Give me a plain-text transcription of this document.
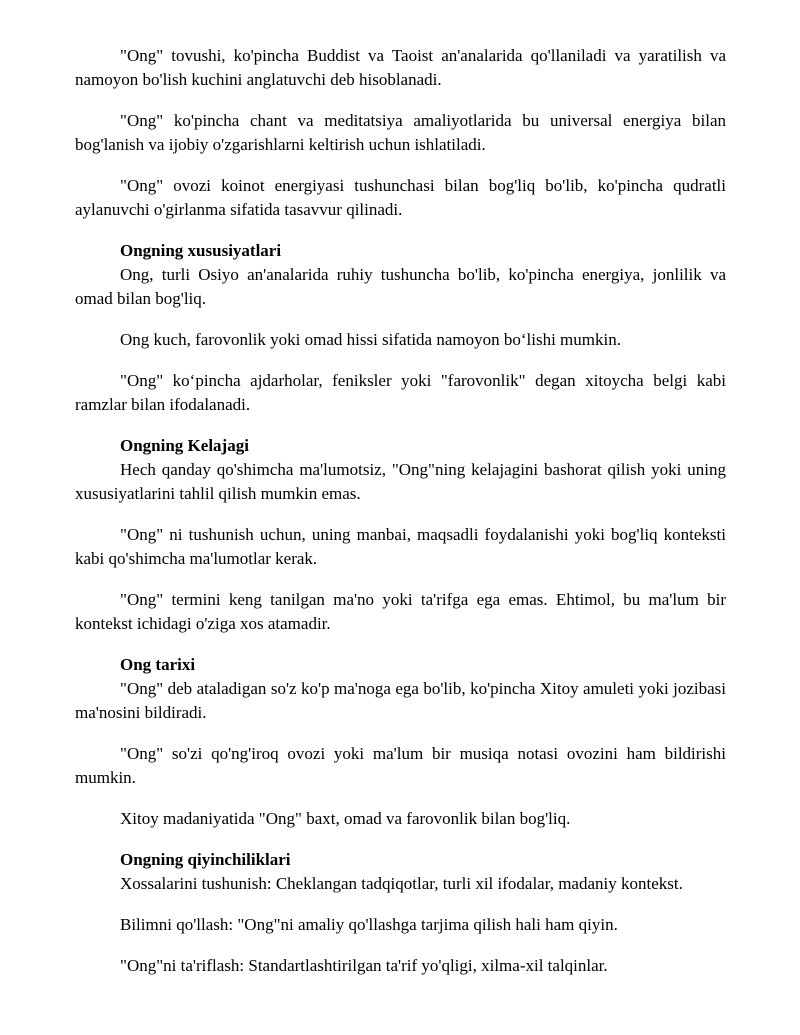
"Ong" tovushi, ko'pincha Buddist va Taoist an'analarida qo'llaniladi va yaratilish va namoyon bo'lish kuchini anglatuvchi deb hisoblanadi.

"Ong" ko'pincha chant va meditatsiya amaliyotlarida bu universal energiya bilan bog'lanish va ijobiy o'zgarishlarni keltirish uchun ishlatiladi.

"Ong" ovozi koinot energiyasi tushunchasi bilan bog'liq bo'lib, ko'pincha qudratli aylanuvchi o'girlanma sifatida tasavvur qilinadi.

Ongning xususiyatlari

Ong, turli Osiyo an'analarida ruhiy tushuncha bo'lib, ko'pincha energiya, jonlilik va omad bilan bog'liq.

Ong kuch, farovonlik yoki omad hissi sifatida namoyon bo‘lishi mumkin.

"Ong" ko‘pincha ajdarholar, feniksler yoki "farovonlik" degan xitoycha belgi kabi ramzlar bilan ifodalanadi.

Ongning Kelajagi

Hech qanday qo'shimcha ma'lumotsiz, "Ong"ning kelajagini bashorat qilish yoki uning xususiyatlarini tahlil qilish mumkin emas.

"Ong" ni tushunish uchun, uning manbai, maqsadli foydalanishi yoki bog'liq konteksti kabi qo'shimcha ma'lumotlar kerak.

"Ong" termini keng tanilgan ma'no yoki ta'rifga ega emas. Ehtimol, bu ma'lum bir kontekst ichidagi o'ziga xos atamadir.

Ong tarixi

"Ong" deb ataladigan so'z ko'p ma'noga ega bo'lib, ko'pincha Xitoy amuleti yoki jozibasi ma'nosini bildiradi.

"Ong" so'zi qo'ng'iroq ovozi yoki ma'lum bir musiqa notasi ovozini ham bildirishi mumkin.

Xitoy madaniyatida "Ong" baxt, omad va farovonlik bilan bog'liq.

Ongning qiyinchiliklari

Xossalarini tushunish: Cheklangan tadqiqotlar, turli xil ifodalar, madaniy kontekst.

Bilimni qo'llash: "Ong"ni amaliy qo'llashga tarjima qilish hali ham qiyin.

"Ong"ni ta'riflash: Standartlashtirilgan ta'rif yo'qligi, xilma-xil talqinlar.
